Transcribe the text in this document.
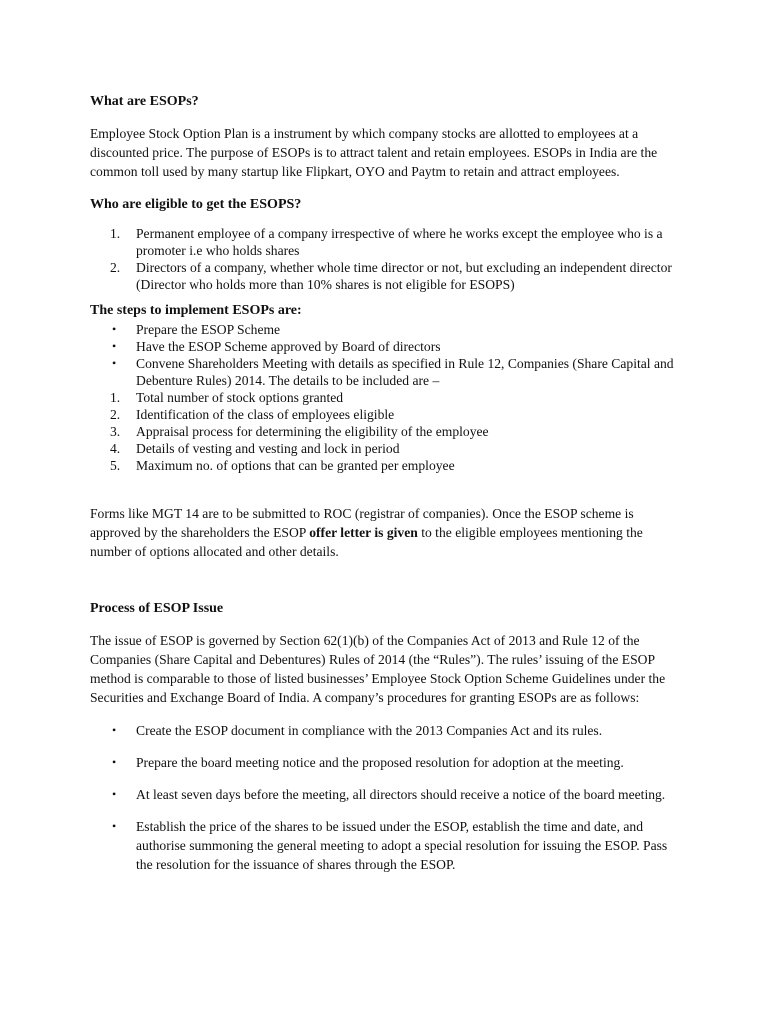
What are ESOPs?

Employee Stock Option Plan is a instrument by which company stocks are allotted to employees at a discounted price. The purpose of ESOPs is to attract talent and retain employees. ESOPs in India are the common toll used by many startup like Flipkart, OYO and Paytm to retain and attract employees.

Who are eligible to get the ESOPS?
1. Permanent employee of a company irrespective of where he works except the employee who is a promoter i.e who holds shares
2. Directors of a company, whether whole time director or not, but excluding an independent director (Director who holds more than 10% shares is not eligible for ESOPS)
The steps to implement ESOPs are:
• Prepare the ESOP Scheme
• Have the ESOP Scheme approved by Board of directors
• Convene Shareholders Meeting with details as specified in Rule 12, Companies (Share Capital and Debenture Rules) 2014. The details to be included are –
1. Total number of stock options granted
2. Identification of the class of employees eligible
3. Appraisal process for determining the eligibility of the employee
4. Details of vesting and vesting and lock in period
5. Maximum no. of options that can be granted per employee

Forms like MGT 14 are to be submitted to ROC (registrar of companies). Once the ESOP scheme is approved by the shareholders the ESOP offer letter is given to the eligible employees mentioning the number of options allocated and other details.

Process of ESOP Issue

The issue of ESOP is governed by Section 62(1)(b) of the Companies Act of 2013 and Rule 12 of the Companies (Share Capital and Debentures) Rules of 2014 (the “Rules”). The rules’ issuing of the ESOP method is comparable to those of listed businesses’ Employee Stock Option Scheme Guidelines under the Securities and Exchange Board of India. A company’s procedures for granting ESOPs are as follows:

• Create the ESOP document in compliance with the 2013 Companies Act and its rules.
• Prepare the board meeting notice and the proposed resolution for adoption at the meeting.
• At least seven days before the meeting, all directors should receive a notice of the board meeting.
• Establish the price of the shares to be issued under the ESOP, establish the time and date, and authorise summoning the general meeting to adopt a special resolution for issuing the ESOP. Pass the resolution for the issuance of shares through the ESOP.
